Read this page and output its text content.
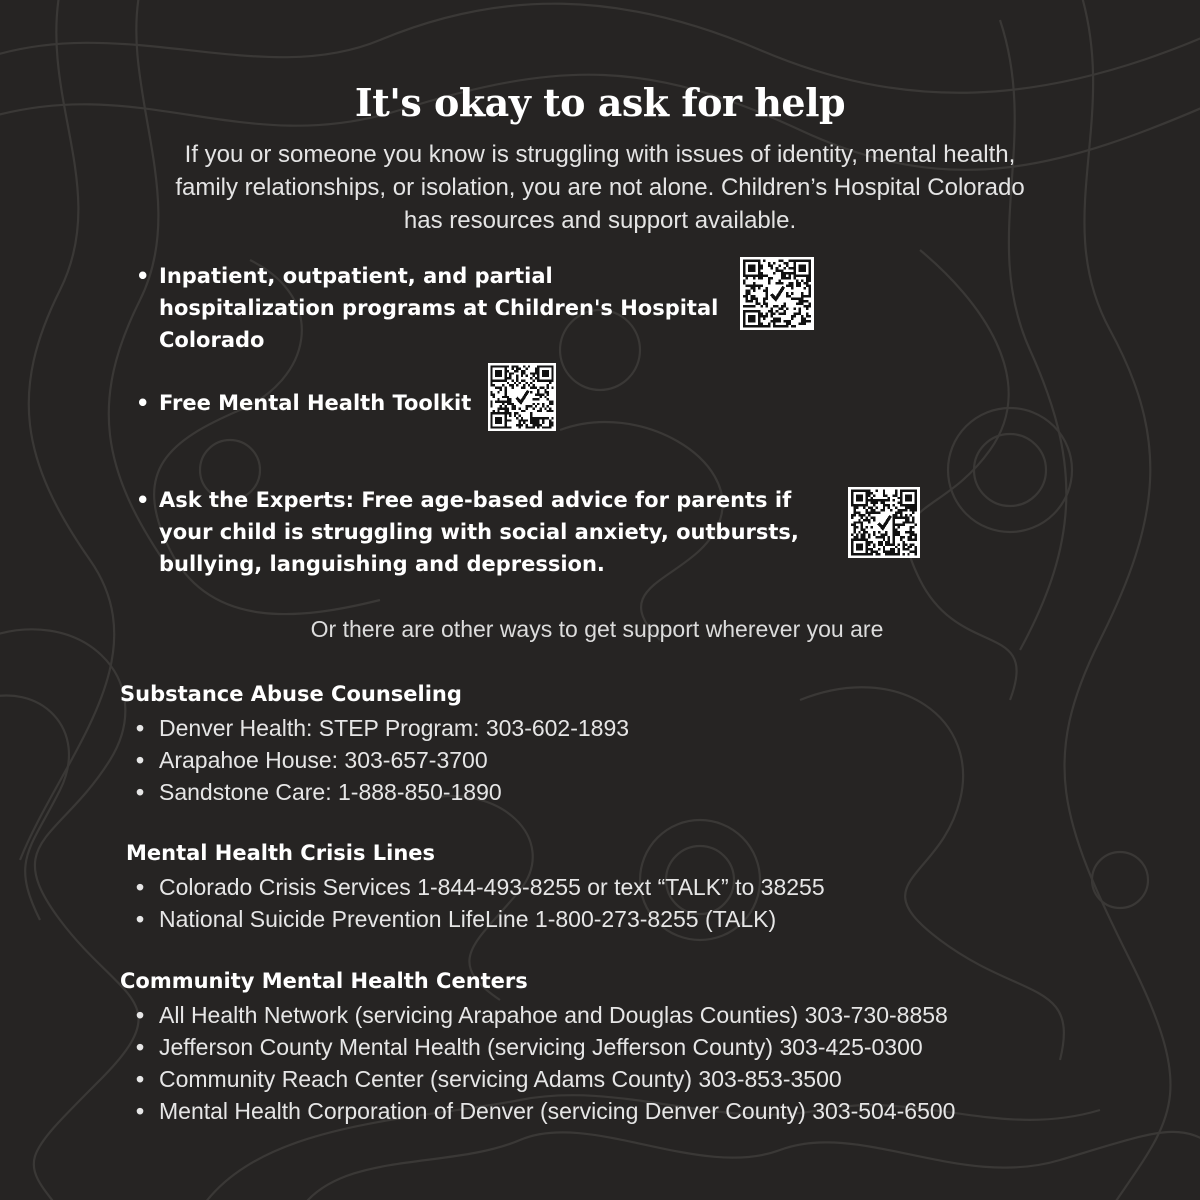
It's okay to ask for help

If you or someone you know is struggling with issues of identity, mental health, family relationships, or isolation, you are not alone. Children’s Hospital Colorado has resources and support available.

• Inpatient, outpatient, and partial hospitalization programs at Children's Hospital Colorado
• Free Mental Health Toolkit
• Ask the Experts: Free age-based advice for parents if your child is struggling with social anxiety, outbursts, bullying, languishing and depression.
Or there are other ways to get support wherever you are
Substance Abuse Counseling
• Denver Health: STEP Program: 303-602-1893
• Arapahoe House: 303-657-3700
• Sandstone Care: 1-888-850-1890
Mental Health Crisis Lines
• Colorado Crisis Services 1-844-493-8255 or text “TALK” to 38255
• National Suicide Prevention LifeLine 1-800-273-8255 (TALK)
Community Mental Health Centers
• All Health Network (servicing Arapahoe and Douglas Counties) 303-730-8858
• Jefferson County Mental Health (servicing Jefferson County) 303-425-0300
• Community Reach Center (servicing Adams County) 303-853-3500
• Mental Health Corporation of Denver (servicing Denver County) 303-504-6500
